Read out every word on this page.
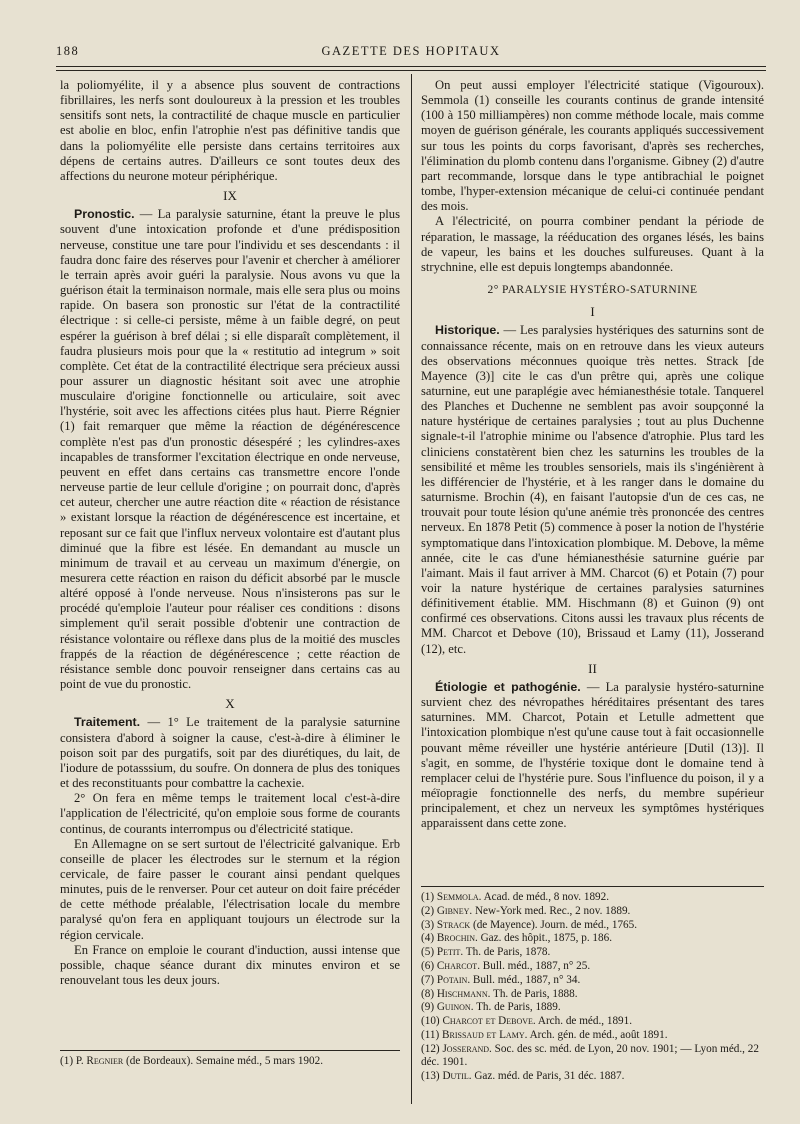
188	GAZETTE DES HOPITAUX

la poliomyélite, il y a absence plus souvent de contractions fibrillaires, les nerfs sont douloureux à la pression et les troubles sensitifs sont nets, la contractilité de chaque muscle en particulier est abolie en bloc, enfin l'atrophie n'est pas définitive tandis que dans la poliomyélite elle persiste dans certains territoires aux dépens de certains autres. D'ailleurs ce sont toutes deux des affections du neurone moteur périphérique.

IX

Pronostic. — La paralysie saturnine, étant la preuve le plus souvent d'une intoxication profonde et d'une prédisposition nerveuse, constitue une tare pour l'individu et ses descendants : il faudra donc faire des réserves pour l'avenir et chercher à améliorer le terrain après avoir guéri la paralysie. Nous avons vu que la guérison était la terminaison normale, mais elle sera plus ou moins rapide. On basera son pronostic sur l'état de la contractilité électrique : si celle-ci persiste, même à un faible degré, on peut espérer la guérison à bref délai ; si elle disparaît complètement, il faudra plusieurs mois pour que la « restitutio ad integrum » soit complète. Cet état de la contractilité électrique sera précieux aussi pour assurer un diagnostic hésitant soit avec une atrophie musculaire d'origine fonctionnelle ou articulaire, soit avec l'hystérie, soit avec les affections citées plus haut. Pierre Régnier (1) fait remarquer que même la réaction de dégénérescence complète n'est pas d'un pronostic désespéré ; les cylindres-axes incapables de transformer l'excitation électrique en onde nerveuse, peuvent en effet dans certains cas transmettre encore l'onde nerveuse partie de leur cellule d'origine ; on pourrait donc, d'après cet auteur, chercher une autre réaction dite « réaction de résistance » existant lorsque la réaction de dégénérescence est incertaine, et reposant sur ce fait que l'influx nerveux volontaire est d'autant plus diminué que la fibre est lésée. En demandant au muscle un minimum de travail et au cerveau un maximum d'énergie, on mesurera cette réaction en raison du déficit absorbé par le muscle altéré opposé à l'onde nerveuse. Nous n'insisterons pas sur le procédé qu'emploie l'auteur pour réaliser ces conditions : disons simplement qu'il serait possible d'obtenir une contraction de résistance volontaire ou réflexe dans plus de la moitié des muscles frappés de la réaction de dégénérescence ; cette réaction de résistance semble donc pouvoir renseigner dans certains cas au point de vue du pronostic.

X

Traitement. — 1° Le traitement de la paralysie saturnine consistera d'abord à soigner la cause, c'est-à-dire à éliminer le poison soit par des purgatifs, soit par des diurétiques, du lait, de l'iodure de potasssium, du soufre. On donnera de plus des toniques et des reconstituants pour combattre la cachexie.

2° On fera en même temps le traitement local c'est-à-dire l'application de l'électricité, qu'on emploie sous forme de courants continus, de courants interrompus ou d'électricité statique.

En Allemagne on se sert surtout de l'électricité galvanique. Erb conseille de placer les électrodes sur le sternum et la région cervicale, de faire passer le courant ainsi pendant quelques minutes, puis de le renverser. Pour cet auteur on doit faire précéder de cette méthode préalable, l'électrisation locale du membre paralysé qu'on fera en appliquant toujours un électrode sur la région cervicale.

En France on emploie le courant d'induction, aussi intense que possible, chaque séance durant dix minutes environ et se renouvelant tous les deux jours.

(1) P. Regnier (de Bordeaux). Semaine méd., 5 mars 1902.

On peut aussi employer l'électricité statique (Vigouroux). Semmola (1) conseille les courants continus de grande intensité (100 à 150 milliampères) non comme méthode locale, mais comme moyen de guérison générale, les courants appliqués successivement sur tous les points du corps favorisant, d'après ses recherches, l'élimination du plomb contenu dans l'organisme. Gibney (2) d'autre part recommande, lorsque dans le type antibrachial le poignet tombe, l'hyper-extension mécanique de celui-ci continuée pendant des mois.

A l'électricité, on pourra combiner pendant la période de réparation, le massage, la rééducation des organes lésés, les bains de vapeur, les bains et les douches sulfureuses. Quant à la strychnine, elle est depuis longtemps abandonnée.

2° PARALYSIE HYSTÉRO-SATURNINE
I

Historique. — Les paralysies hystériques des saturnins sont de connaissance récente, mais on en retrouve dans les vieux auteurs des observations méconnues quoique très nettes. Strack [de Mayence (3)] cite le cas d'un prêtre qui, après une colique saturnine, eut une paraplégie avec hémianesthésie totale. Tanquerel des Planches et Duchenne ne semblent pas avoir soupçonné la nature hystérique de certaines paralysies ; tout au plus Duchenne signale-t-il l'atrophie minime ou l'absence d'atrophie. Plus tard les cliniciens constatèrent bien chez les saturnins les troubles de la sensibilité et même les troubles sensoriels, mais ils s'ingénièrent à les différencier de l'hystérie, et à les ranger dans le domaine du saturnisme. Brochin (4), en faisant l'autopsie d'un de ces cas, ne trouvait pour toute lésion qu'une anémie très prononcée des centres nerveux. En 1878 Petit (5) commence à poser la notion de l'hystérie symptomatique dans l'intoxication plombique. M. Debove, la même année, cite le cas d'une hémianesthésie saturnine guérie par l'aimant. Mais il faut arriver à MM. Charcot (6) et Potain (7) pour voir la nature hystérique de certaines paralysies saturnines définitivement établie. MM. Hischmann (8) et Guinon (9) ont confirmé ces observations. Citons aussi les travaux plus récents de MM. Charcot et Debove (10), Brissaud et Lamy (11), Josserand (12), etc.

II

Étiologie et pathogénie. — La paralysie hystéro-saturnine survient chez des névropathes héréditaires présentant des tares saturnines. MM. Charcot, Potain et Letulle admettent que l'intoxication plombique n'est qu'une cause tout à fait occasionnelle pouvant même réveiller une hystérie antérieure [Dutil (13)]. Il s'agit, en somme, de l'hystérie toxique dont le domaine tend à remplacer celui de l'hystérie pure. Sous l'influence du poison, il y a méïopragie fonctionnelle des nerfs, du membre supérieur principalement, et chez un nerveux les symptômes hystériques apparaissent dans cette zone.

(1) Semmola. Acad. de méd., 8 nov. 1892.
(2) Gibney. New-York med. Rec., 2 nov. 1889.
(3) Strack (de Mayence). Journ. de méd., 1765.
(4) Brochin. Gaz. des hôpit., 1875, p. 186.
(5) Petit. Th. de Paris, 1878.
(6) Charcot. Bull. méd., 1887, n° 25.
(7) Potain. Bull. méd., 1887, n° 34.
(8) Hischmann. Th. de Paris, 1888.
(9) Guinon. Th. de Paris, 1889.
(10) Charcot et Debove. Arch. de méd., 1891.
(11) Brissaud et Lamy. Arch. gén. de méd., août 1891.
(12) Josserand. Soc. des sc. méd. de Lyon, 20 nov. 1901; — Lyon méd., 22 déc. 1901.
(13) Dutil. Gaz. méd. de Paris, 31 déc. 1887.
